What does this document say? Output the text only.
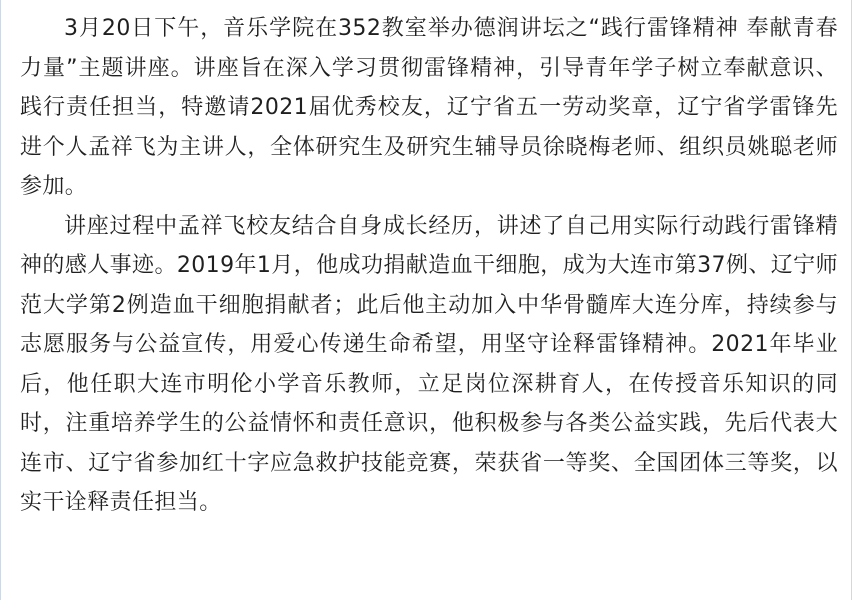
3月20日下午，音乐学院在352教室举办德润讲坛之“践行雷锋精神 奉献青春力量”主题讲座。讲座旨在深入学习贯彻雷锋精神，引导青年学子树立奉献意识、践行责任担当，特邀请2021届优秀校友，辽宁省五一劳动奖章，辽宁省学雷锋先进个人孟祥飞为主讲人，全体研究生及研究生辅导员徐晓梅老师、组织员姚聪老师参加。

讲座过程中孟祥飞校友结合自身成长经历，讲述了自己用实际行动践行雷锋精神的感人事迹。2019年1月，他成功捐献造血干细胞，成为大连市第37例、辽宁师范大学第2例造血干细胞捐献者；此后他主动加入中华骨髓库大连分库，持续参与志愿服务与公益宣传，用爱心传递生命希望，用坚守诠释雷锋精神。2021年毕业后，他任职大连市明伦小学音乐教师，立足岗位深耕育人，在传授音乐知识的同时，注重培养学生的公益情怀和责任意识，他积极参与各类公益实践，先后代表大连市、辽宁省参加红十字应急救护技能竞赛，荣获省一等奖、全国团体三等奖，以实干诠释责任担当。
